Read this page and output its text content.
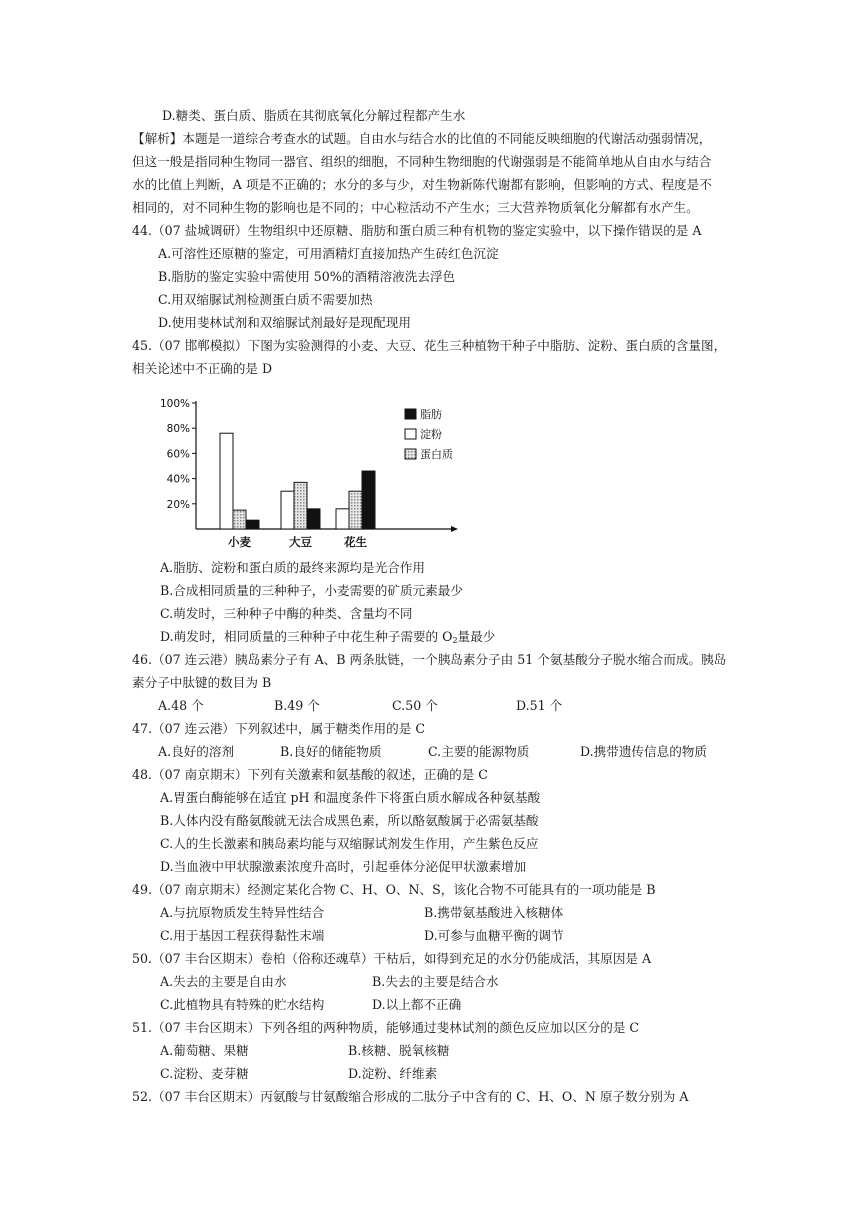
D.糖类、蛋白质、脂质在其彻底氧化分解过程都产生水
【解析】本题是一道综合考查水的试题。自由水与结合水的比值的不同能反映细胞的代谢活动强弱情况，
但这一般是指同种生物同一器官、组织的细胞，不同种生物细胞的代谢强弱是不能简单地从自由水与结合
水的比值上判断，A 项是不正确的；水分的多与少，对生物新陈代谢都有影响，但影响的方式、程度是不
相同的，对不同种生物的影响也是不同的；中心粒活动不产生水；三大营养物质氧化分解都有水产生。
44.（07 盐城调研）生物组织中还原糖、脂肪和蛋白质三种有机物的鉴定实验中，以下操作错误的是 A
A.可溶性还原糖的鉴定，可用酒精灯直接加热产生砖红色沉淀
B.脂肪的鉴定实验中需使用 50%的酒精溶液洗去浮色
C.用双缩脲试剂检测蛋白质不需要加热
D.使用斐林试剂和双缩脲试剂最好是现配现用
45.（07 邯郸模拟）下图为实验测得的小麦、大豆、花生三种植物干种子中脂肪、淀粉、蛋白质的含量图，
相关论述中不正确的是 D
20%
40%
60%
80%
100%
小麦	大豆	花生
脂肪
淀粉
蛋白质
A.脂肪、淀粉和蛋白质的最终来源均是光合作用
B.合成相同质量的三种种子，小麦需要的矿质元素最少
C.萌发时，三种种子中酶的种类、含量均不同
D.萌发时，相同质量的三种种子中花生种子需要的 $O_2$量最少
46.（07 连云港）胰岛素分子有 A、B 两条肽链，一个胰岛素分子由 51 个氨基酸分子脱水缩合而成。胰岛
素分子中肽键的数目为 B
A.48 个	B.49 个	C.50 个	D.51 个
47.（07 连云港）下列叙述中，属于糖类作用的是 C
A.良好的溶剂	B.良好的储能物质	C.主要的能源物质	D.携带遗传信息的物质
48.（07 南京期末）下列有关激素和氨基酸的叙述，正确的是 C
A.胃蛋白酶能够在适宜 pH 和温度条件下将蛋白质水解成各种氨基酸
B.人体内没有酪氨酸就无法合成黑色素，所以酪氨酸属于必需氨基酸
C.人的生长激素和胰岛素均能与双缩脲试剂发生作用，产生紫色反应
D.当血液中甲状腺激素浓度升高时，引起垂体分泌促甲状激素增加
49.（07 南京期末）经测定某化合物 C、H、O、N、S，该化合物不可能具有的一项功能是 B
A.与抗原物质发生特异性结合	B.携带氨基酸进入核糖体
C.用于基因工程获得黏性末端	D.可参与血糖平衡的调节
50.（07 丰台区期末）卷柏（俗称还魂草）干枯后，如得到充足的水分仍能成活，其原因是 A
A.失去的主要是自由水	B.失去的主要是结合水
C.此植物具有特殊的贮水结构	D.以上都不正确
51.（07 丰台区期末）下列各组的两种物质，能够通过斐林试剂的颜色反应加以区分的是 C
A.葡萄糖、果糖	B.核糖、脱氧核糖
C.淀粉、麦芽糖	D.淀粉、纤维素
52.（07 丰台区期末）丙氨酸与甘氨酸缩合形成的二肽分子中含有的 C、H、O、N 原子数分别为 A
